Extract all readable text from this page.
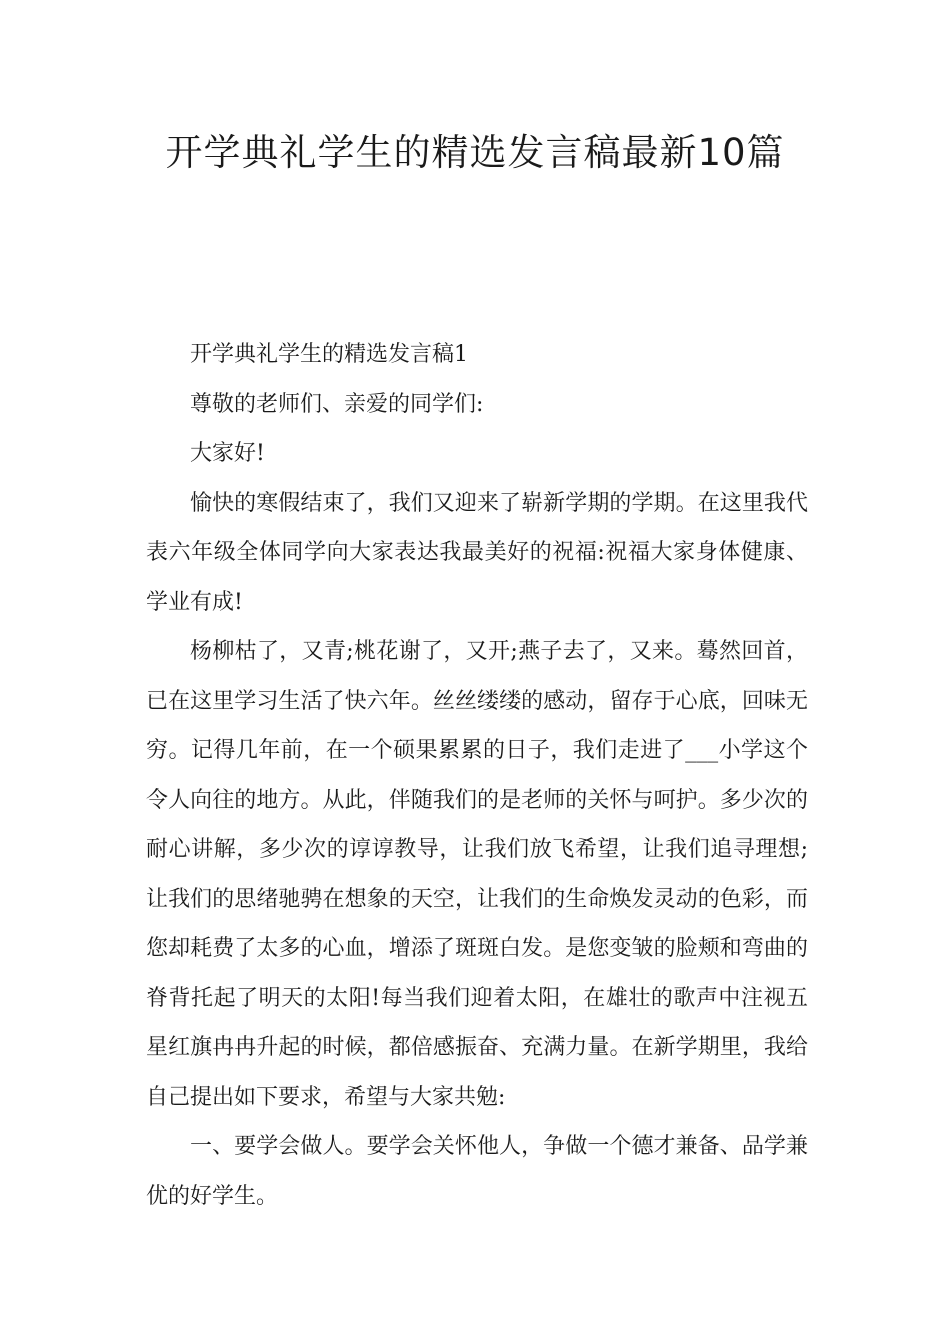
开学典礼学生的精选发言稿最新10篇

开学典礼学生的精选发言稿1

尊敬的老师们、亲爱的同学们:

大家好!

愉快的寒假结束了，我们又迎来了崭新学期的学期。在这里我代表六年级全体同学向大家表达我最美好的祝福:祝福大家身体健康、学业有成!

杨柳枯了，又青;桃花谢了，又开;燕子去了，又来。蓦然回首，已在这里学习生活了快六年。丝丝缕缕的感动，留存于心底，回味无穷。记得几年前，在一个硕果累累的日子，我们走进了___小学这个令人向往的地方。从此，伴随我们的是老师的关怀与呵护。多少次的耐心讲解，多少次的谆谆教导，让我们放飞希望，让我们追寻理想;让我们的思绪驰骋在想象的天空，让我们的生命焕发灵动的色彩，而您却耗费了太多的心血，增添了斑斑白发。是您变皱的脸颊和弯曲的脊背托起了明天的太阳!每当我们迎着太阳，在雄壮的歌声中注视五星红旗冉冉升起的时候，都倍感振奋、充满力量。在新学期里，我给自己提出如下要求，希望与大家共勉:

一、要学会做人。要学会关怀他人，争做一个德才兼备、品学兼优的好学生。
